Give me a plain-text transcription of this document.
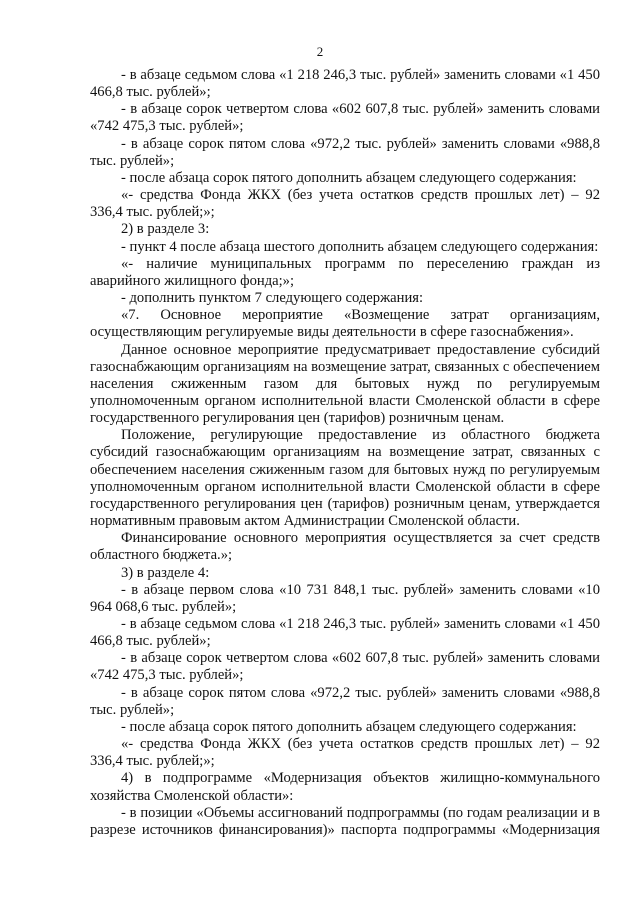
2

- в абзаце седьмом слова «1 218 246,3 тыс. рублей» заменить словами «1 450 466,8 тыс. рублей»;

- в абзаце сорок четвертом слова «602 607,8 тыс. рублей» заменить словами «742 475,3 тыс. рублей»;

- в абзаце сорок пятом слова «972,2 тыс. рублей» заменить словами «988,8 тыс. рублей»;

- после абзаца сорок пятого дополнить абзацем следующего содержания:

«- средства Фонда ЖКХ (без учета остатков средств прошлых лет) – 92 336,4 тыс. рублей;»;

2) в разделе 3:

- пункт 4 после абзаца шестого дополнить абзацем следующего содержания:

«- наличие муниципальных программ по переселению граждан из аварийного жилищного фонда;»;

- дополнить пунктом 7 следующего содержания:

«7. Основное мероприятие «Возмещение затрат организациям, осуществляющим регулируемые виды деятельности в сфере газоснабжения».

Данное основное мероприятие предусматривает предоставление субсидий газоснабжающим организациям на возмещение затрат, связанных с обеспечением населения сжиженным газом для бытовых нужд по регулируемым уполномоченным органом исполнительной власти Смоленской области в сфере государственного регулирования цен (тарифов) розничным ценам.

Положение, регулирующие предоставление из областного бюджета субсидий газоснабжающим организациям на возмещение затрат, связанных с обеспечением населения сжиженным газом для бытовых нужд по регулируемым уполномоченным органом исполнительной власти Смоленской области в сфере государственного регулирования цен (тарифов) розничным ценам, утверждается нормативным правовым актом Администрации Смоленской области.

Финансирование основного мероприятия осуществляется за счет средств областного бюджета.»;

3) в разделе 4:

- в абзаце первом слова «10 731 848,1 тыс. рублей» заменить словами «10 964 068,6 тыс. рублей»;

- в абзаце седьмом слова «1 218 246,3 тыс. рублей» заменить словами «1 450 466,8 тыс. рублей»;

- в абзаце сорок четвертом слова «602 607,8 тыс. рублей» заменить словами «742 475,3 тыс. рублей»;

- в абзаце сорок пятом слова «972,2 тыс. рублей» заменить словами «988,8 тыс. рублей»;

- после абзаца сорок пятого дополнить абзацем следующего содержания:

«- средства Фонда ЖКХ (без учета остатков средств прошлых лет) – 92 336,4 тыс. рублей;»;

4) в подпрограмме «Модернизация объектов жилищно-коммунального хозяйства Смоленской области»:

- в позиции «Объемы ассигнований подпрограммы (по годам реализации и в разрезе источников финансирования)» паспорта подпрограммы «Модернизация
